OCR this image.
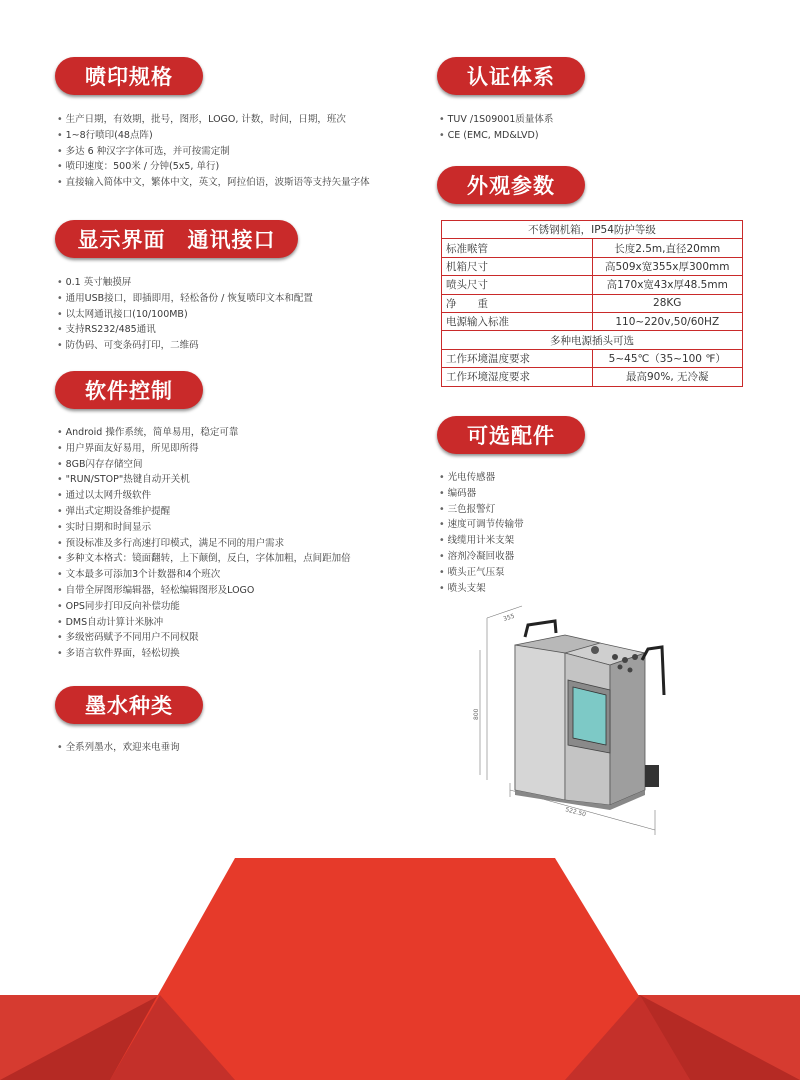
喷印规格
显示界面　通讯接口
软件控制
墨水种类
认证体系
外观参数
可选配件
• 生产日期，有效期，批号，图形，LOGO, 计数，时间，日期，班次
• 1~8行喷印(48点阵)
• 多达 6 种汉字字体可选，并可按需定制
• 喷印速度：500米 / 分钟(5x5, 单行)
• 直接输入简体中文，繁体中文，英文，阿拉伯语，波斯语等支持矢量字体
• 0.1 英寸触摸屏
• 通用USB接口，即插即用，轻松备份 / 恢复喷印文本和配置
• 以太网通讯接口(10/100MB)
• 支持RS232/485通讯
• 防伪码、可变条码打印，二维码
• Android 操作系统，简单易用，稳定可靠
• 用户界面友好易用，所见即所得
• 8GB闪存存储空间
• "RUN/STOP"热键自动开关机
• 通过以太网升级软件
• 弹出式定期设备维护提醒
• 实时日期和时间显示
• 预设标准及多行高速打印模式，满足不同的用户需求
• 多种文本格式：镜面翻转，上下颠倒，反白，字体加粗，点间距加倍
• 文本最多可添加3个计数器和4个班次
• 自带全屏图形编辑器，轻松编辑图形及LOGO
• OPS同步打印反向补偿功能
• DMS自动计算计米脉冲
• 多级密码赋予不同用户不同权限
• 多语言软件界面，轻松切换
• 全系列墨水，欢迎来电垂询
• TUV /1S09001质量体系
• CE (EMC, MD&LVD)
• 光电传感器
• 编码器
• 三色报警灯
• 速度可调节传输带
• 线缆用计米支架
• 溶剂冷凝回收器
• 喷头正气压泵
• 喷头支架
不锈钢机箱，IP54防护等级	
标准喉管	长度2.5m,直径20mm
机箱尺寸	高509x宽355x厚300mm
喷头尺寸	高170x宽43x厚48.5mm
净　　重	28KG
电源输入标准	110~220v,50/60HZ
多种电源插头可选	
工作环境温度要求	5~45℃（35~100 ℉）
工作环境湿度要求	最高90%, 无冷凝
355
800
522.50
